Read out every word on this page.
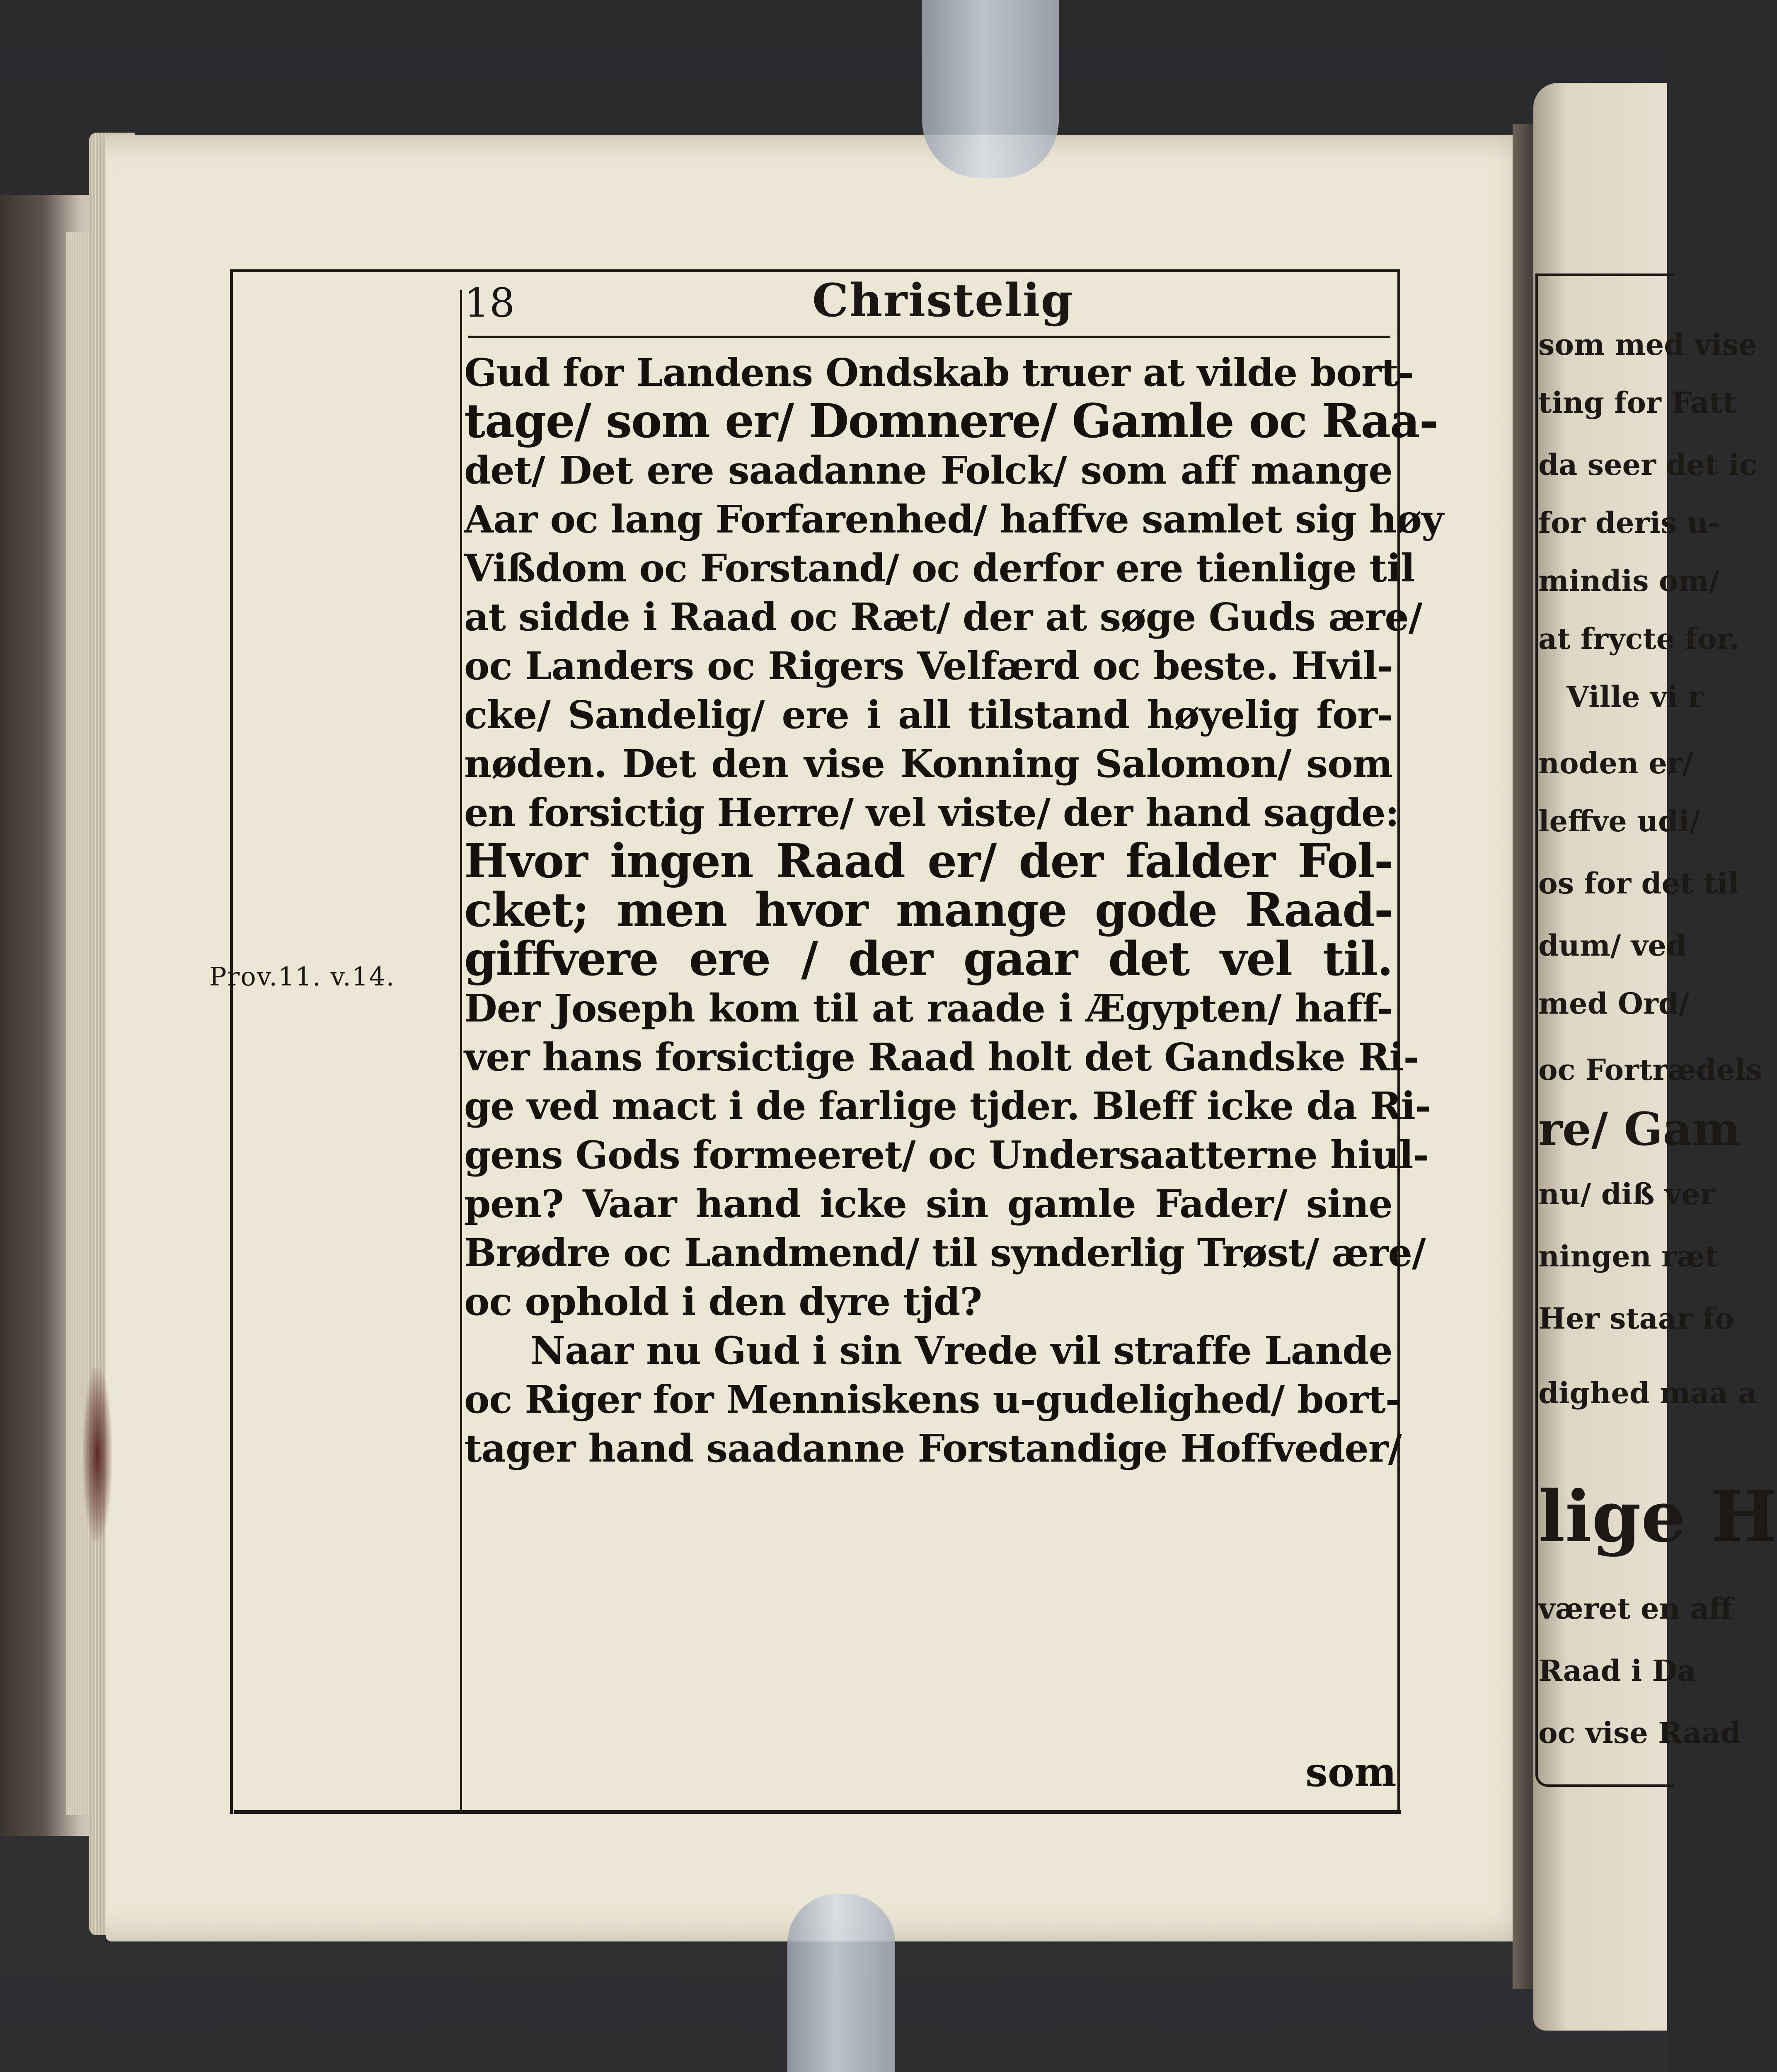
18	Christelig
Prov.11. v.14.
Gud for Landens Ondskab truer at vilde bort-
tage/ som er/ Domnere/ Gamle oc Raa-
det/ Det ere saadanne Folck/ som aff mange
Aar oc lang Forfarenhed/ haffve samlet sig høy
Vißdom oc Forstand/ oc derfor ere tienlige til
at sidde i Raad oc Ræt/ der at søge Guds ære/
oc Landers oc Rigers Velfærd oc beste. Hvil-
cke/ Sandelig/ ere i all tilstand høyelig for-
nøden. Det den vise Konning Salomon/ som
en forsictig Herre/ vel viste/ der hand sagde:
Hvor ingen Raad er/ der falder Fol-
cket; men hvor mange gode Raad-
giffvere ere / der gaar det vel til.
Der Joseph kom til at raade i Ægypten/ haff-
ver hans forsictige Raad holt det Gandske Ri-
ge ved mact i de farlige tjder. Bleff icke da Ri-
gens Gods formeeret/ oc Undersaatterne hiul-
pen? Vaar hand icke sin gamle Fader/ sine
Brødre oc Landmend/ til synderlig Trøst/ ære/
oc ophold i den dyre tjd?
Naar nu Gud i sin Vrede vil straffe Lande
oc Riger for Menniskens u-gudelighed/ bort-
tager hand saadanne Forstandige Hoffveder/
som
som med vise
ting for Fatt
da seer det ic
for deris u-
mindis om/
at frycte for.
Ville vi r
noden er/
leffve udi/
os for det til
dum/ ved
med Ord/
oc Fortrædels
re/ Gam
nu/ diß ver
ningen ræt
Her staar fo
dighed maa a
lige H
været en aff
Raad i Da
oc vise Raad
